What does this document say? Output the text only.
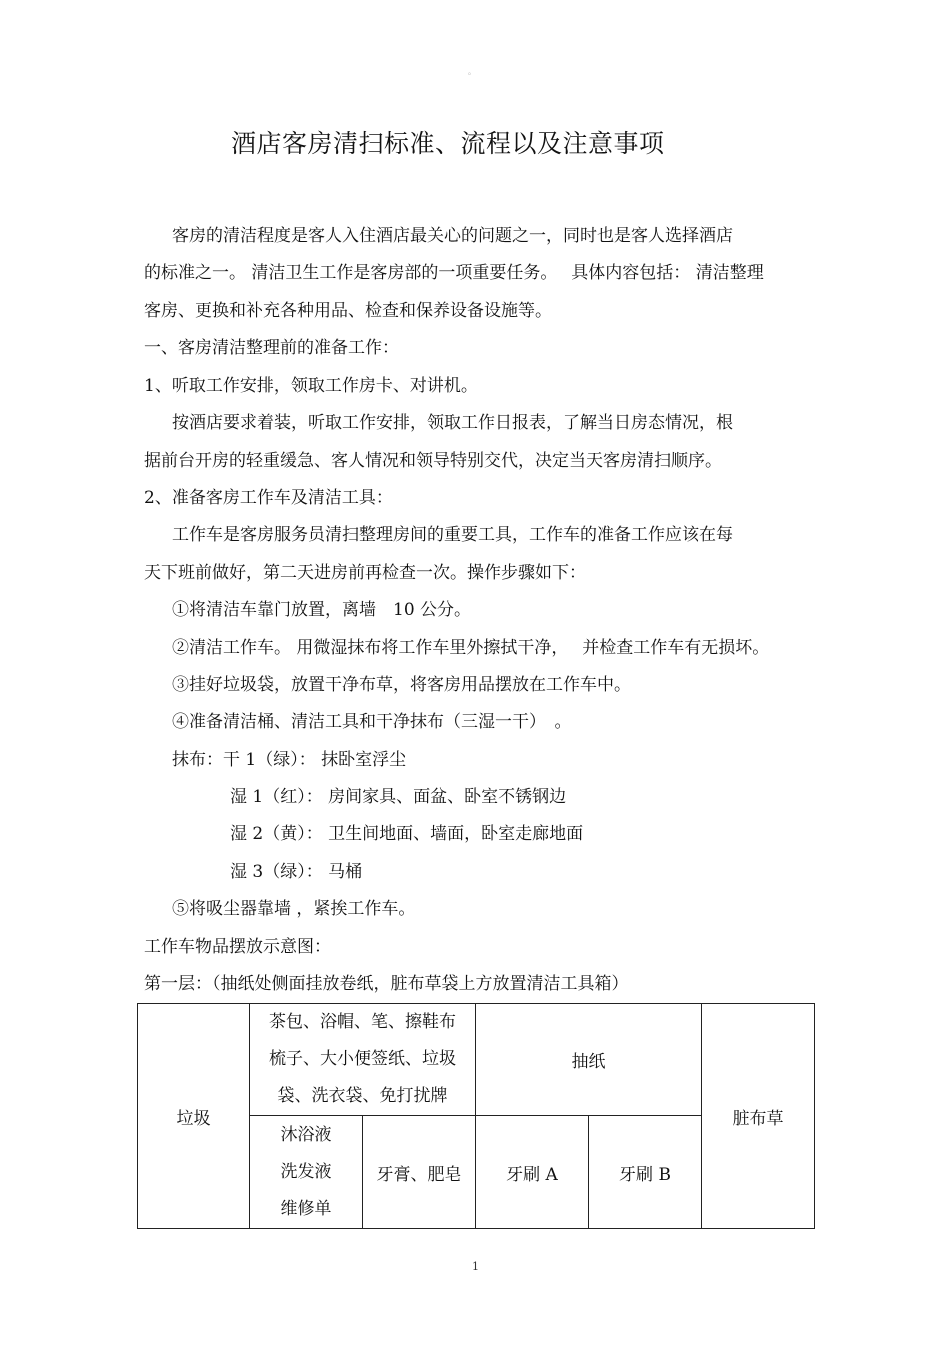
。
酒店客房清扫标准、流程以及注意事项
客房的清洁程度是客人入住酒店最关心的问题之一，同时也是客人选择酒店
的标准之一。 清洁卫生工作是客房部的一项重要任务。　 具体内容包括： 清洁整理
客房、更换和补充各种用品、检查和保养设备设施等。
一、客房清洁整理前的准备工作：
1、听取工作安排，领取工作房卡、对讲机。
按酒店要求着装，听取工作安排，领取工作日报表，了解当日房态情况，根
据前台开房的轻重缓急、客人情况和领导特别交代，决定当天客房清扫顺序。
2、准备客房工作车及清洁工具：
工作车是客房服务员清扫整理房间的重要工具，工作车的准备工作应该在每
天下班前做好，第二天进房前再检查一次。操作步骤如下：
①将清洁车靠门放置，离墙　10 公分。
②清洁工作车。 用微湿抹布将工作车里外擦拭干净，　 并检查工作车有无损坏。
③挂好垃圾袋，放置干净布草，将客房用品摆放在工作车中。
④准备清洁桶、清洁工具和干净抹布（三湿一干）　。
抹布：干 1（绿）： 抹卧室浮尘
湿 1（红）： 房间家具、面盆、卧室不锈钢边
湿 2（黄）： 卫生间地面、墙面，卧室走廊地面
湿 3（绿）： 马桶
⑤将吸尘器靠墙 ，紧挨工作车。
工作车物品摆放示意图：
第一层：（抽纸处侧面挂放卷纸，脏布草袋上方放置清洁工具箱）
垃圾	茶包、浴帽、笔、擦鞋布
梳子、大小便签纸、垃圾
袋、洗衣袋、免打扰牌		抽纸		脏布草

	沐浴液
洗发液
维修单	牙膏、肥皂	牙刷 A	牙刷 B	
1
